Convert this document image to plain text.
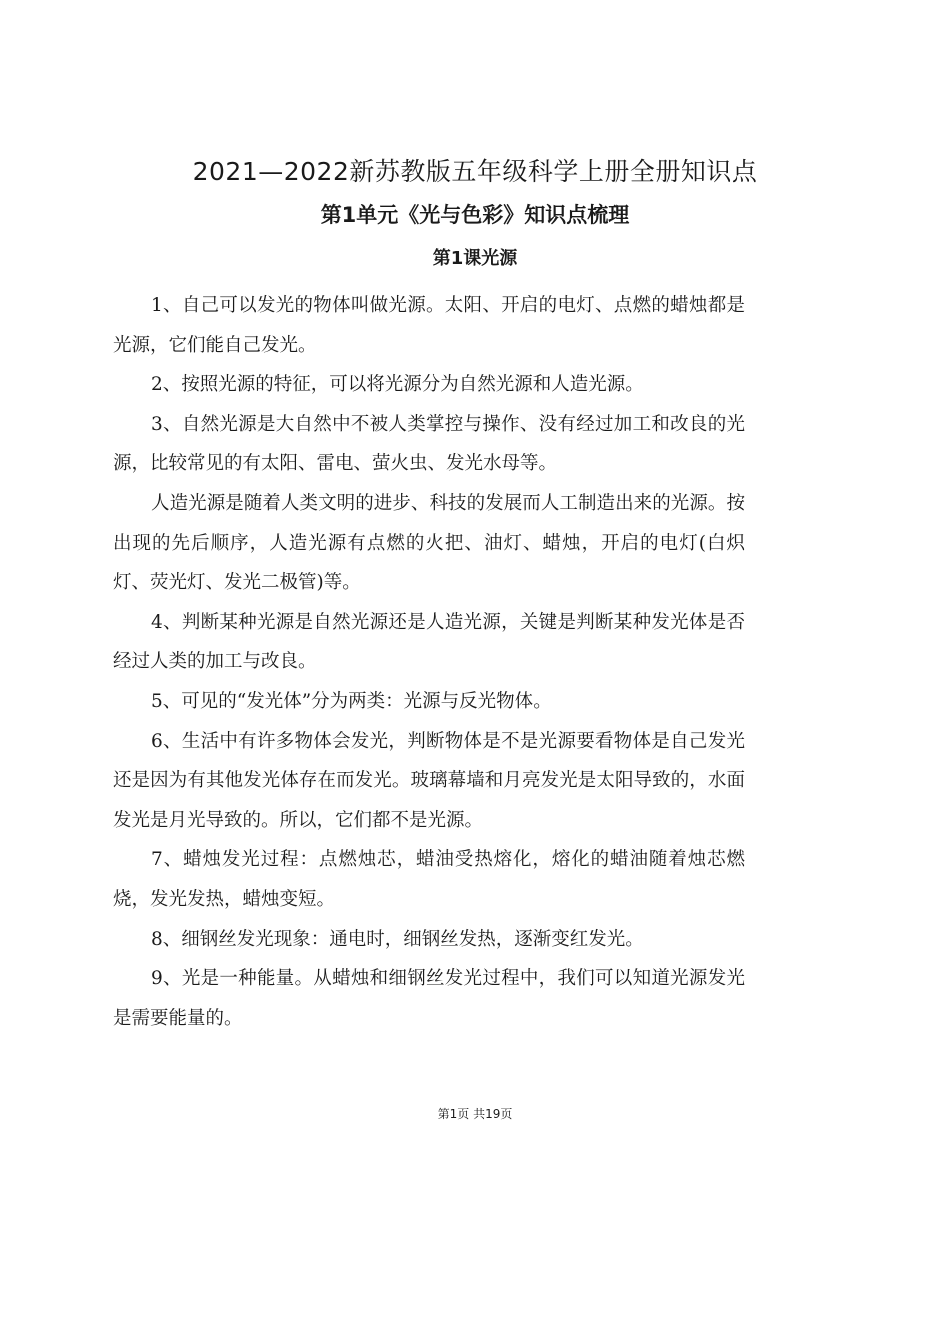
2021—2022新苏教版五年级科学上册全册知识点
第1单元《光与色彩》知识点梳理
第1课光源

1、自己可以发光的物体叫做光源。太阳、开启的电灯、点燃的蜡烛都是光源，它们能自己发光。

2、按照光源的特征，可以将光源分为自然光源和人造光源。

3、自然光源是大自然中不被人类掌控与操作、没有经过加工和改良的光源，比较常见的有太阳、雷电、萤火虫、发光水母等。

人造光源是随着人类文明的进步、科技的发展而人工制造出来的光源。按出现的先后顺序，人造光源有点燃的火把、油灯、蜡烛，开启的电灯(白炽灯、荧光灯、发光二极管)等。

4、判断某种光源是自然光源还是人造光源，关键是判断某种发光体是否经过人类的加工与改良。

5、可见的“发光体”分为两类：光源与反光物体。

6、生活中有许多物体会发光，判断物体是不是光源要看物体是自己发光还是因为有其他发光体存在而发光。玻璃幕墙和月亮发光是太阳导致的，水面发光是月光导致的。所以，它们都不是光源。

7、蜡烛发光过程：点燃烛芯，蜡油受热熔化，熔化的蜡油随着烛芯燃烧，发光发热，蜡烛变短。

8、细钢丝发光现象：通电时，细钢丝发热，逐渐变红发光。

9、光是一种能量。从蜡烛和细钢丝发光过程中，我们可以知道光源发光是需要能量的。

第1页 共19页
